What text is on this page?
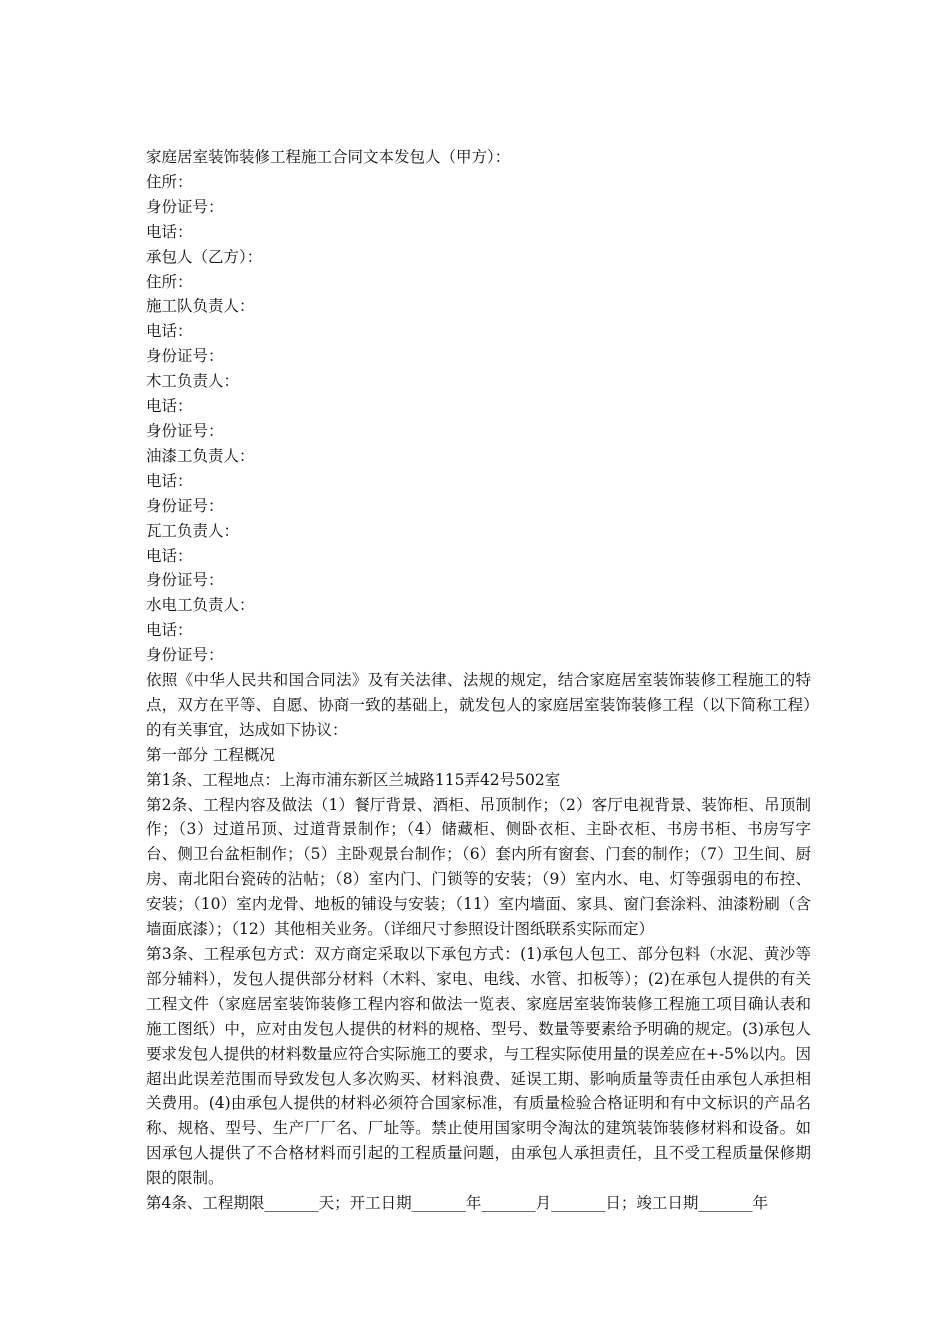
家庭居室装饰装修工程施工合同文本发包人（甲方）：
住所：
身份证号：
电话：
承包人（乙方）：
住所：
施工队负责人：
电话：
身份证号：
木工负责人：
电话：
身份证号：
油漆工负责人：
电话：
身份证号：
瓦工负责人：
电话：
身份证号：
水电工负责人：
电话：
身份证号：

依照《中华人民共和国合同法》及有关法律、法规的规定，结合家庭居室装饰装修工程施工的特点，双方在平等、自愿、协商一致的基础上，就发包人的家庭居室装饰装修工程（以下简称工程）的有关事宜，达成如下协议：

第一部分 工程概况
第1条、工程地点：上海市浦东新区兰城路115弄42号502室

第2条、工程内容及做法（1）餐厅背景、酒柜、吊顶制作；（2）客厅电视背景、装饰柜、吊顶制作；（3）过道吊顶、过道背景制作；（4）储藏柜、侧卧衣柜、主卧衣柜、书房书柜、书房写字台、侧卫台盆柜制作；（5）主卧观景台制作；（6）套内所有窗套、门套的制作；（7）卫生间、厨房、南北阳台瓷砖的沾帖；（8）室内门、门锁等的安装；（9）室内水、电、灯等强弱电的布控、安装；（10）室内龙骨、地板的铺设与安装；（11）室内墙面、家具、窗门套涂料、油漆粉刷（含墙面底漆）；（12）其他相关业务。（详细尺寸参照设计图纸联系实际而定）

第3条、工程承包方式：双方商定采取以下承包方式：(1)承包人包工、部分包料（水泥、黄沙等部分辅料），发包人提供部分材料（木料、家电、电线、水管、扣板等）；(2)在承包人提供的有关工程文件（家庭居室装饰装修工程内容和做法一览表、家庭居室装饰装修工程施工项目确认表和施工图纸）中，应对由发包人提供的材料的规格、型号、数量等要素给予明确的规定。(3)承包人要求发包人提供的材料数量应符合实际施工的要求，与工程实际使用量的误差应在+-5%以内。因超出此误差范围而导致发包人多次购买、材料浪费、延误工期、影响质量等责任由承包人承担相关费用。(4)由承包人提供的材料必须符合国家标准，有质量检验合格证明和有中文标识的产品名称、规格、型号、生产厂厂名、厂址等。禁止使用国家明令淘汰的建筑装饰装修材料和设备。如因承包人提供了不合格材料而引起的工程质量问题，由承包人承担责任，且不受工程质量保修期限的限制。

第4条、工程期限_______天；开工日期_______年_______月_______日；竣工日期_______年
